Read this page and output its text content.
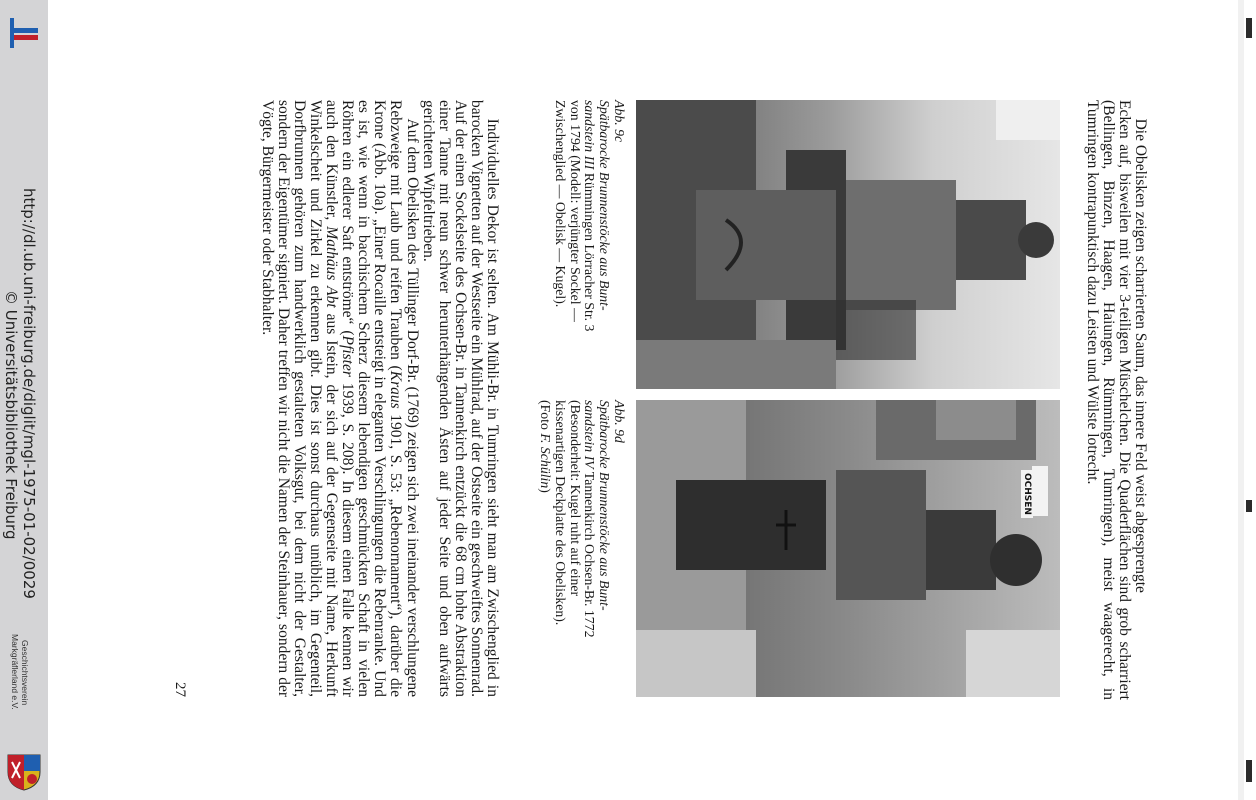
http://dl.ub.uni-freiburg.de/diglit/mgl-1975-01-02/0029
© Universitätsbibliothek Freiburg
Geschichtsverein
Markgräflerland e.V.

Die Obelisken zeigen scharrierten Saum, das innere Feld weist abgesprengte

Ecken auf, bisweilen mit vier 3-teiligen Müschelchen. Die Quaderflächen sind grob scharriert (Bellingen, Binzen, Haagen, Haiungen, Rümmingen, Tumringen), meist waagerecht, in Tumringen kontrapunktisch dazu Leisten und Wülste lotrecht.

OCHSEN
Abb. 9c
Spätbarocke Brunnenstöcke aus Bunt-
sandstein III Rümmingen Lörracher Str. 3
von 1794 (Modell: verjüngter Sockel —
Zwischenglied — Obelisk — Kugel).
Abb. 9d
Spätbarocke Brunnenstöcke aus Bunt-
sandstein IV Tannenkirch Ochsen-Br. 1772
(Besonderheit: Kugel ruht auf einer
kissenartigen Deckplatte des Obelisken).
(Foto F. Schülin)

Individuelles Dekor ist selten. Am Mühli-Br. in Tumringen sieht man am Zwischenglied in barocken Vignetten auf der Westseite ein Mühlrad, auf der Ostseite ein geschweiftes Sonnenrad. Auf der einen Sockelseite des Ochsen-Br. in Tannenkirch entzückt die 68 cm hohe Abstraktion einer Tanne mit neun schwer herunterhängenden Ästen auf jeder Seite und oben aufwärts gerichteten Wipfeltrieben.

Auf dem Obelisken des Tüllinger Dorf-Br. (1769) zeigen sich zwei ineinander verschlungene Rebzweige mit Laub und reifen Trauben (Kraus 1901, S. 53: „Rebenornament“), darüber die Krone (Abb. 10a). „Einer Rocaille entsteigt in eleganten Verschlingungen die Rebenranke. Und es ist, wie wenn in bacchischem Scherz diesem lebendigen geschmückten Schaft in vielen Röhren ein edlerer Saft entströme“ (Pfister 1939, S. 208). In diesem einen Falle kennen wir auch den Künstler, Mathäus Abt aus Istein, der sich auf der Gegenseite mit Name, Herkunft Winkelscheit und Zirkel zu erkennen gibt. Dies ist sonst durchaus unüblich, im Gegenteil, Dorfbrunnen gehören zum handwerklich gestalteten Volksgut, bei dem nicht der Gestalter, sondern der Eigentümer signiert. Daher treffen wir nicht die Namen der Steinhauer, sondern der Vögte, Bürgermeister oder Stabhalter.

27
